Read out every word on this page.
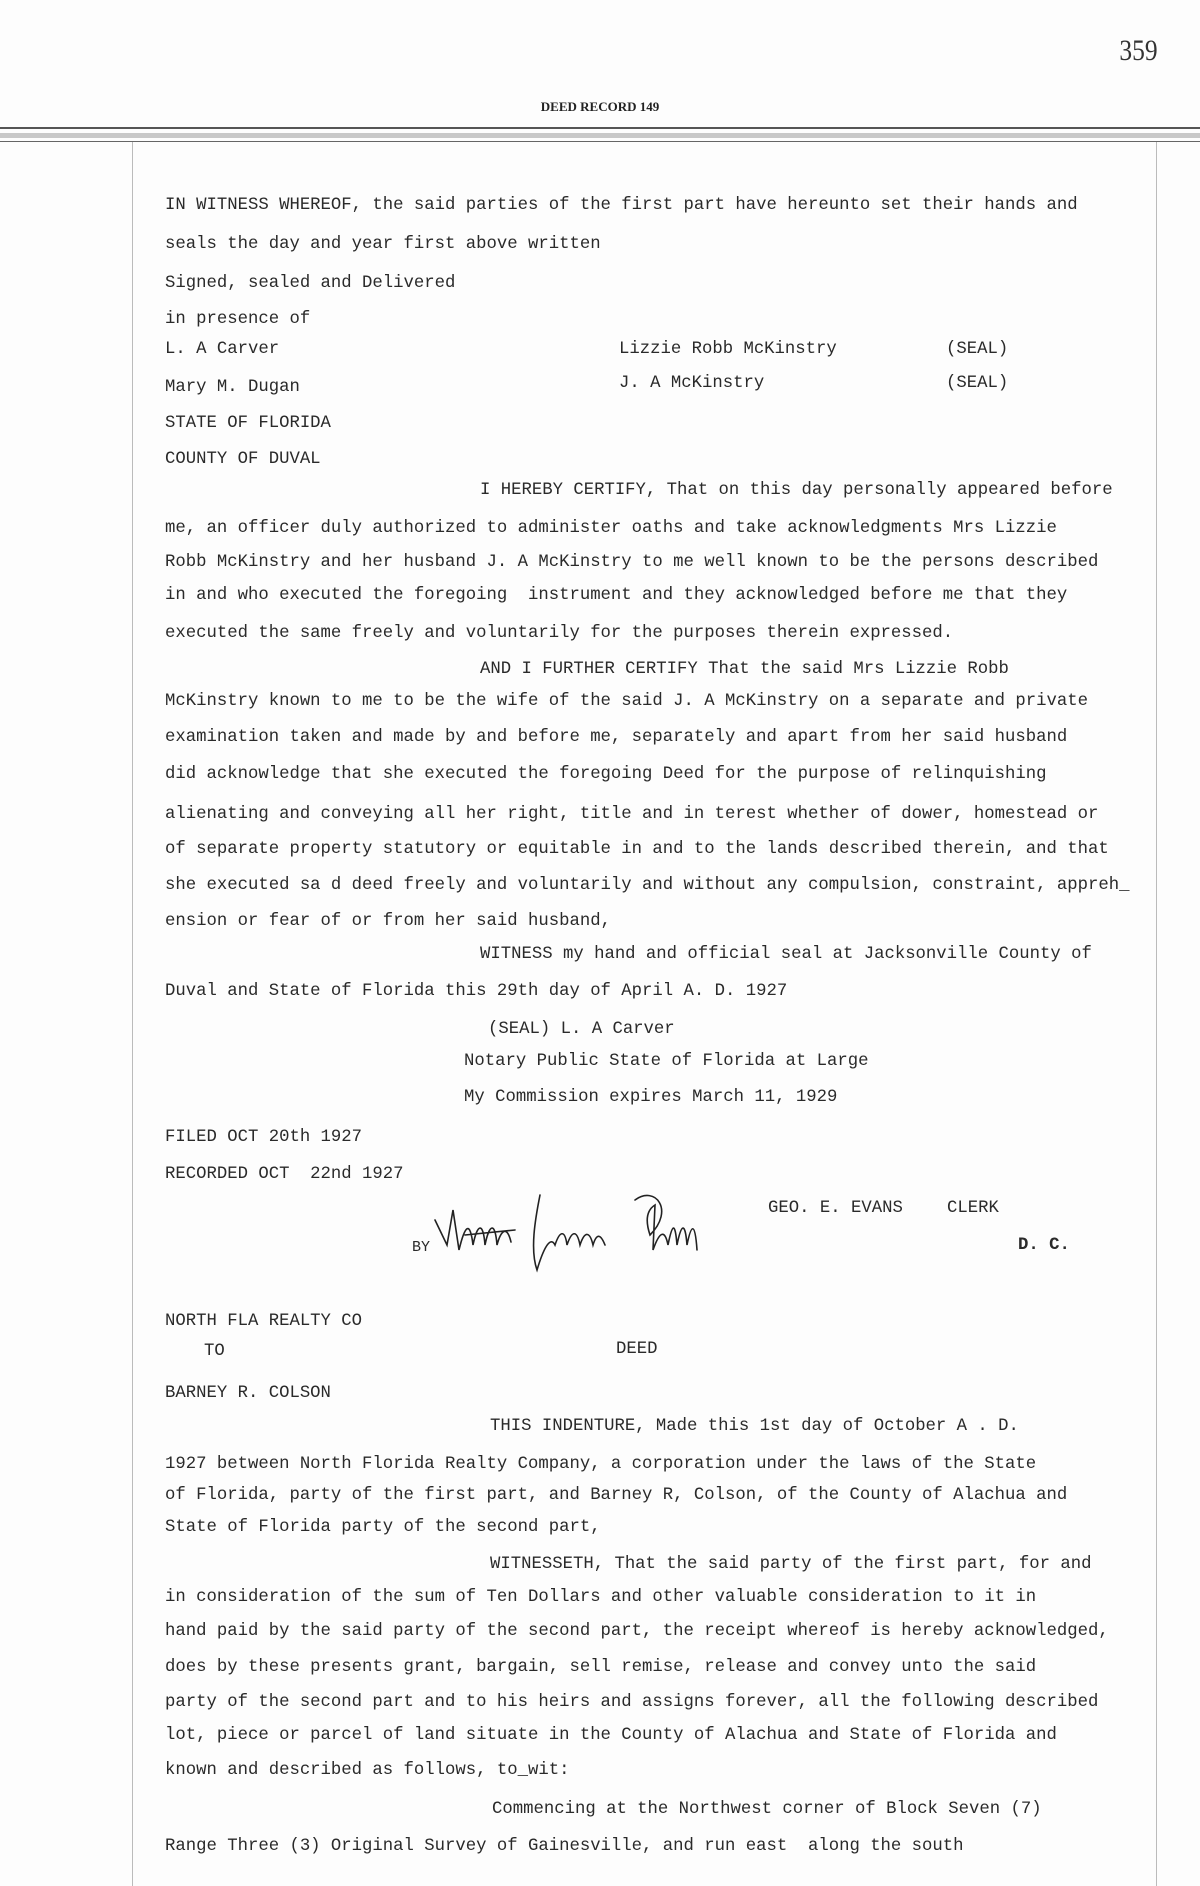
359
DEED RECORD 149
IN WITNESS WHEREOF, the said parties of the first part have hereunto set their hands and
seals the day and year first above written
Signed, sealed and Delivered
in presence of
L. A Carver	Lizzie Robb McKinstry	(SEAL)
Mary M. Dugan	J. A McKinstry	(SEAL)
STATE OF FLORIDA
COUNTY OF DUVAL
I HEREBY CERTIFY, That on this day personally appeared before
me, an officer duly authorized to administer oaths and take acknowledgments Mrs Lizzie
Robb McKinstry and her husband J. A McKinstry to me well known to be the persons described
in and who executed the foregoing  instrument and they acknowledged before me that they
executed the same freely and voluntarily for the purposes therein expressed.
AND I FURTHER CERTIFY That the said Mrs Lizzie Robb
McKinstry known to me to be the wife of the said J. A McKinstry on a separate and private
examination taken and made by and before me, separately and apart from her said husband
did acknowledge that she executed the foregoing Deed for the purpose of relinquishing
alienating and conveying all her right, title and in terest whether of dower, homestead or
of separate property statutory or equitable in and to the lands described therein, and that
she executed sa d deed freely and voluntarily and without any compulsion, constraint, appreh_
ension or fear of or from her said husband,
WITNESS my hand and official seal at Jacksonville County of
Duval and State of Florida this 29th day of April A. D. 1927
(SEAL) L. A Carver
Notary Public State of Florida at Large
My Commission expires March 11, 1929
FILED OCT 20th 1927
RECORDED OCT  22nd 1927
GEO. E. EVANS	CLERK
BY	D. C.
NORTH FLA REALTY CO
TO	DEED
BARNEY R. COLSON
THIS INDENTURE, Made this 1st day of October A . D.
1927 between North Florida Realty Company, a corporation under the laws of the State
of Florida, party of the first part, and Barney R, Colson, of the County of Alachua and
State of Florida party of the second part,
WITNESSETH, That the said party of the first part, for and
in consideration of the sum of Ten Dollars and other valuable consideration to it in
hand paid by the said party of the second part, the receipt whereof is hereby acknowledged,
does by these presents grant, bargain, sell remise, release and convey unto the said
party of the second part and to his heirs and assigns forever, all the following described
lot, piece or parcel of land situate in the County of Alachua and State of Florida and
known and described as follows, to_wit:
Commencing at the Northwest corner of Block Seven (7)
Range Three (3) Original Survey of Gainesville, and run east  along the south
